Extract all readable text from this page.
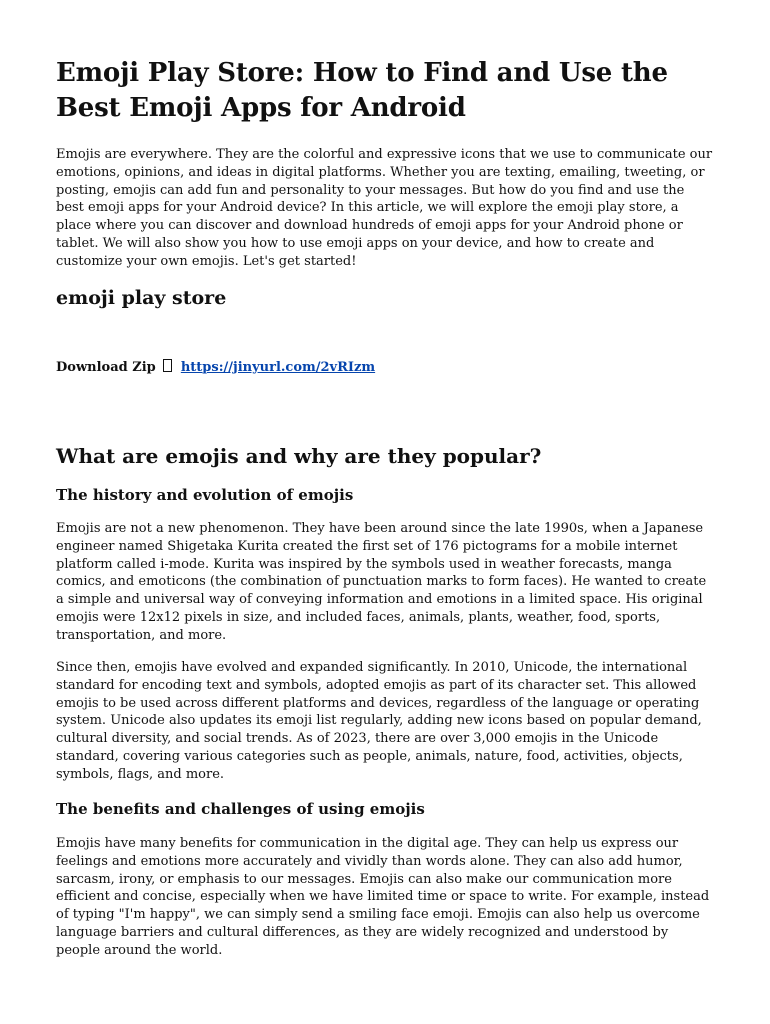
Emoji Play Store: How to Find and Use the Best Emoji Apps for Android

Emojis are everywhere. They are the colorful and expressive icons that we use to communicate our emotions, opinions, and ideas in digital platforms. Whether you are texting, emailing, tweeting, or posting, emojis can add fun and personality to your messages. But how do you find and use the best emoji apps for your Android device? In this article, we will explore the emoji play store, a place where you can discover and download hundreds of emoji apps for your Android phone or tablet. We will also show you how to use emoji apps on your device, and how to create and customize your own emojis. Let's get started!

emoji play store
Download Zip https://jinyurl.com/2vRIzm
What are emojis and why are they popular?
The history and evolution of emojis

Emojis are not a new phenomenon. They have been around since the late 1990s, when a Japanese engineer named Shigetaka Kurita created the first set of 176 pictograms for a mobile internet platform called i-mode. Kurita was inspired by the symbols used in weather forecasts, manga comics, and emoticons (the combination of punctuation marks to form faces). He wanted to create a simple and universal way of conveying information and emotions in a limited space. His original emojis were 12x12 pixels in size, and included faces, animals, plants, weather, food, sports, transportation, and more.

Since then, emojis have evolved and expanded significantly. In 2010, Unicode, the international standard for encoding text and symbols, adopted emojis as part of its character set. This allowed emojis to be used across different platforms and devices, regardless of the language or operating system. Unicode also updates its emoji list regularly, adding new icons based on popular demand, cultural diversity, and social trends. As of 2023, there are over 3,000 emojis in the Unicode standard, covering various categories such as people, animals, nature, food, activities, objects, symbols, flags, and more.

The benefits and challenges of using emojis

Emojis have many benefits for communication in the digital age. They can help us express our feelings and emotions more accurately and vividly than words alone. They can also add humor, sarcasm, irony, or emphasis to our messages. Emojis can also make our communication more efficient and concise, especially when we have limited time or space to write. For example, instead of typing "I'm happy", we can simply send a smiling face emoji. Emojis can also help us overcome language barriers and cultural differences, as they are widely recognized and understood by people around the world.
